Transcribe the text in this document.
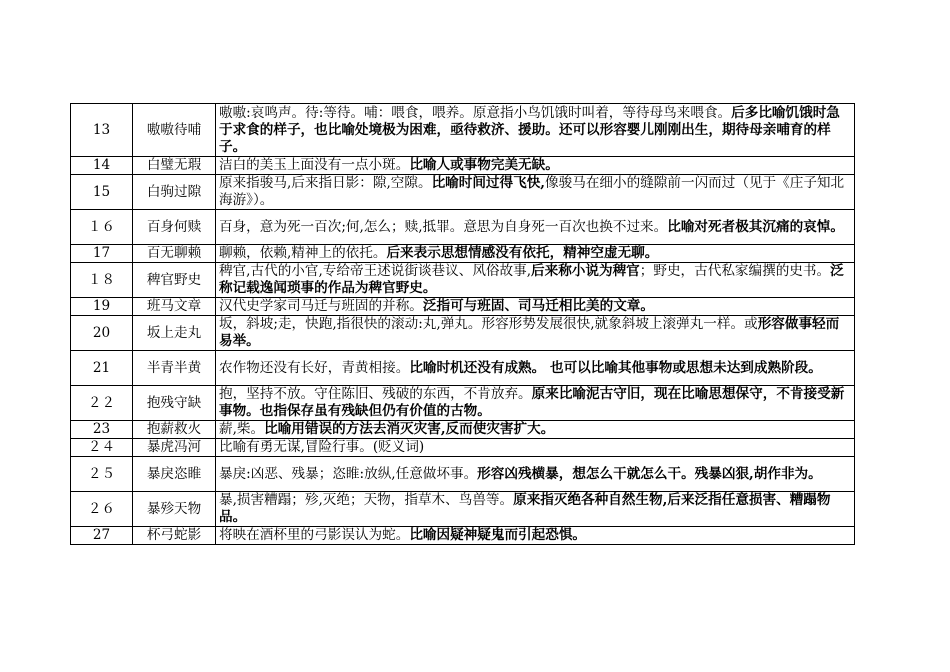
13	嗷嗷待哺	嗷嗷:哀鸣声。待:等待。哺：喂食，喂养。原意指小鸟饥饿时叫着，等待母鸟来喂食。后多比喻饥饿时急于求食的样子，也比喻处境极为困难，亟待救济、援助。还可以形容婴儿刚刚出生，期待母亲哺育的样子。
14	白璧无瑕	洁白的美玉上面没有一点小斑。比喻人或事物完美无缺。
15	白驹过隙	原来指骏马,后来指日影：隙,空隙。比喻时间过得飞快,像骏马在细小的缝隙前一闪而过（见于《庄子知北海游》）。
１６	百身何赎	百身，意为死一百次;何,怎么；赎,抵罪。意思为自身死一百次也换不过来。比喻对死者极其沉痛的哀悼。
17	百无聊赖	聊赖，依赖,精神上的依托。后来表示思想情感没有依托，精神空虚无聊。
１８	稗官野史	稗官,古代的小官,专给帝王述说街谈巷议、风俗故事,后来称小说为稗官；野史，古代私家编撰的史书。泛称记载逸闻琐事的作品为稗官野史。
19	班马文章	汉代史学家司马迁与班固的并称。泛指可与班固、司马迁相比美的文章。
20	坂上走丸	坂，斜坡;走，快跑,指很快的滚动:丸,弹丸。形容形势发展很快,就象斜坡上滚弹丸一样。或形容做事轻而易举。
21	半青半黄	农作物还没有长好，青黄相接。比喻时机还没有成熟。 也可以比喻其他事物或思想未达到成熟阶段。
２２	抱残守缺	抱，坚持不放。守住陈旧、残破的东西，不肯放弃。原来比喻泥古守旧，现在比喻思想保守，不肯接受新事物。也指保存虽有残缺但仍有价值的古物。
23	抱薪救火	薪,柴。比喻用错误的方法去消灭灾害,反而使灾害扩大。
２４	暴虎冯河	比喻有勇无谋,冒险行事。(贬义词)
２５	暴戾恣睢	暴戾:凶恶、残暴；恣睢:放纵,任意做坏事。形容凶残横暴，想怎么干就怎么干。残暴凶狠,胡作非为。
２６	暴殄天物	暴,损害糟蹋；殄,灭绝；天物，指草木、鸟兽等。原来指灭绝各种自然生物,后来泛指任意损害、糟蹋物品。
27	杯弓蛇影	将映在酒杯里的弓影误认为蛇。比喻因疑神疑鬼而引起恐惧。
